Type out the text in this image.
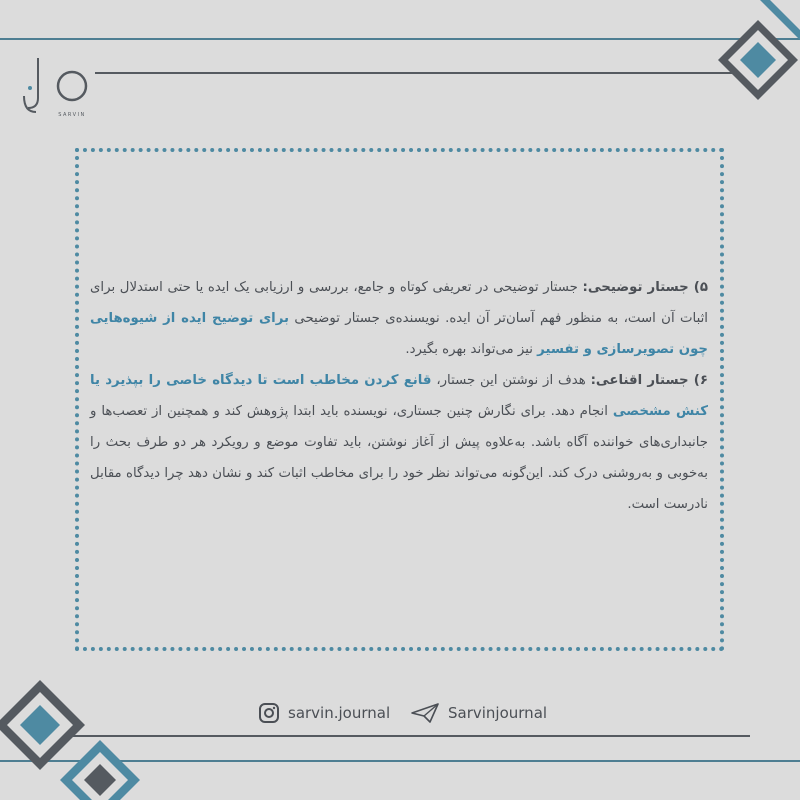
SARVIN

۵) جستار توضیحی: جستار توضیحی در تعریفی کوتاه و جامع، بررسی و ارزیابی یک ایده یا حتی استدلال برای اثبات آن است، به منظور فهم آسان‌تر آن ایده. نویسنده‌ی جستار توضیحی برای توضیح ایده از شیوه‌هایی چون تصویرسازی و تفسیر نیز می‌تواند بهره بگیرد.

۶) جستار اقناعی: هدف از نوشتن این جستار، قانع کردن مخاطب است تا دیدگاه خاصی را بپذیرد یا کنش مشخصی انجام دهد. برای نگارش چنین جستاری، نویسنده باید ابتدا پژوهش کند و همچنین از تعصب‌ها و جانبداری‌های خواننده آگاه باشد. به‌علاوه پیش از آغاز نوشتن، باید تفاوت موضع و رویکرد هر دو طرف بحث را به‌خوبی و به‌روشنی درک کند. این‌گونه می‌تواند نظر خود را برای مخاطب اثبات کند و نشان دهد چرا دیدگاه مقابل نادرست است.

sarvin.journal	Sarvinjournal
